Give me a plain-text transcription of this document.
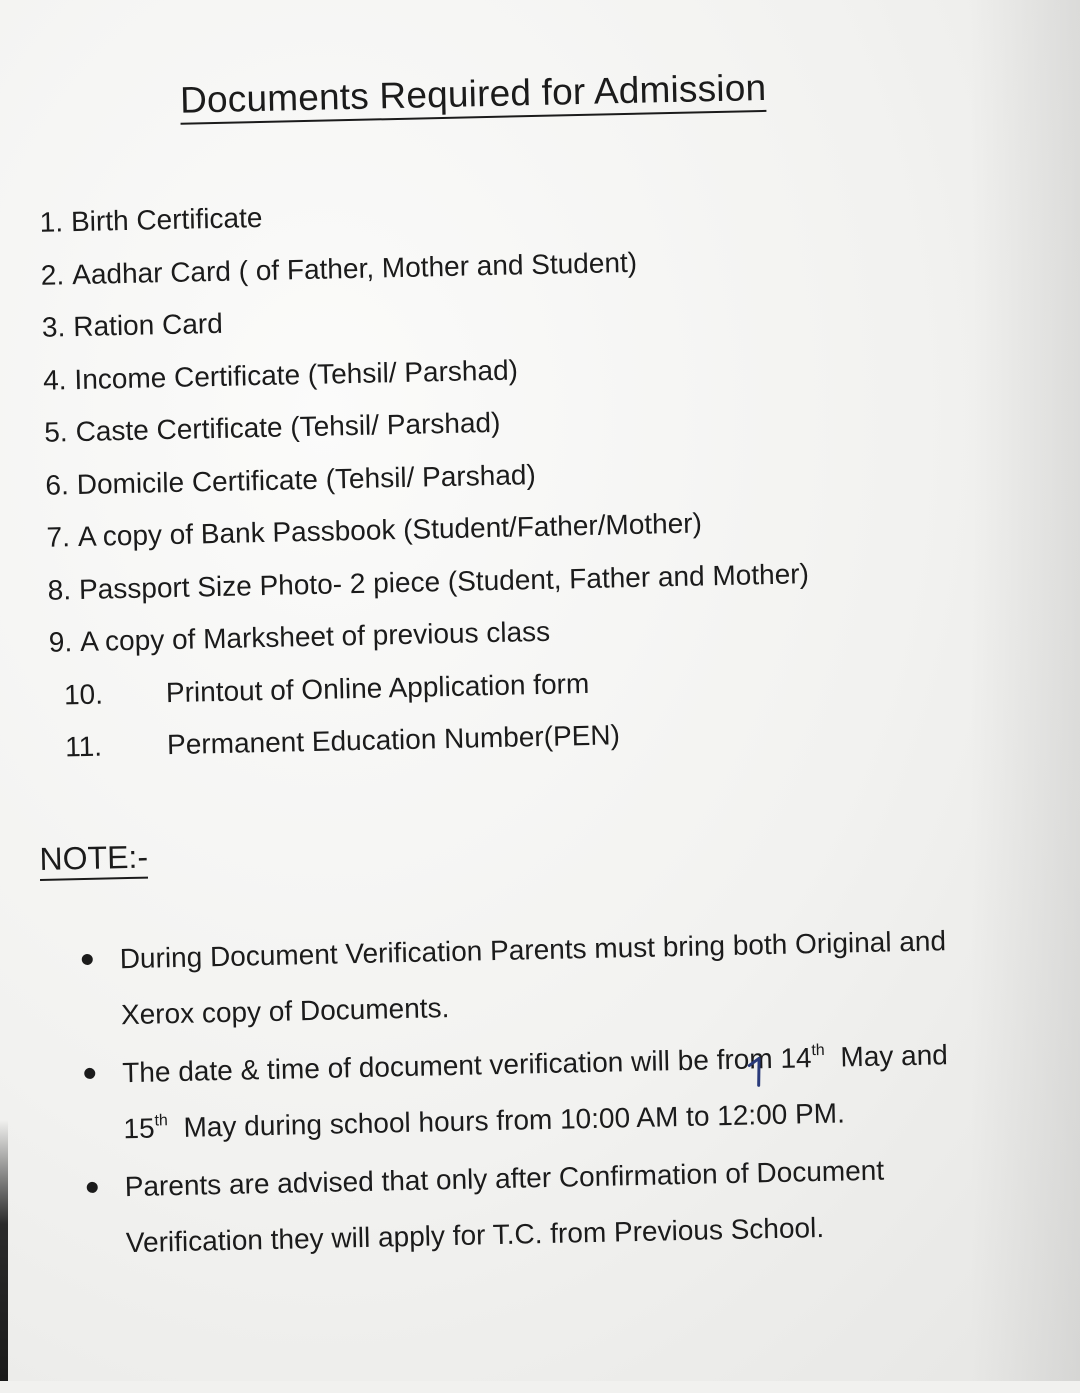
Documents Required for Admission
1. Birth Certificate
2. Aadhar Card ( of Father, Mother and Student)
3. Ration Card
4. Income Certificate (Tehsil/ Parshad)
5. Caste Certificate (Tehsil/ Parshad)
6. Domicile Certificate (Tehsil/ Parshad)
7. A copy of Bank Passbook (Student/Father/Mother)
8. Passport Size Photo- 2 piece (Student, Father and Mother)
9. A copy of Marksheet of previous class
10. Printout of Online Application form
11. Permanent Education Number(PEN)
NOTE:-
During Document Verification Parents must bring both Original and
Xerox copy of Documents.
The date & time of document verification will be from 14th  May and
15th  May during school hours from 10:00 AM to 12:00 PM.
Parents are advised that only after Confirmation of Document
Verification they will apply for T.C. from Previous School.
